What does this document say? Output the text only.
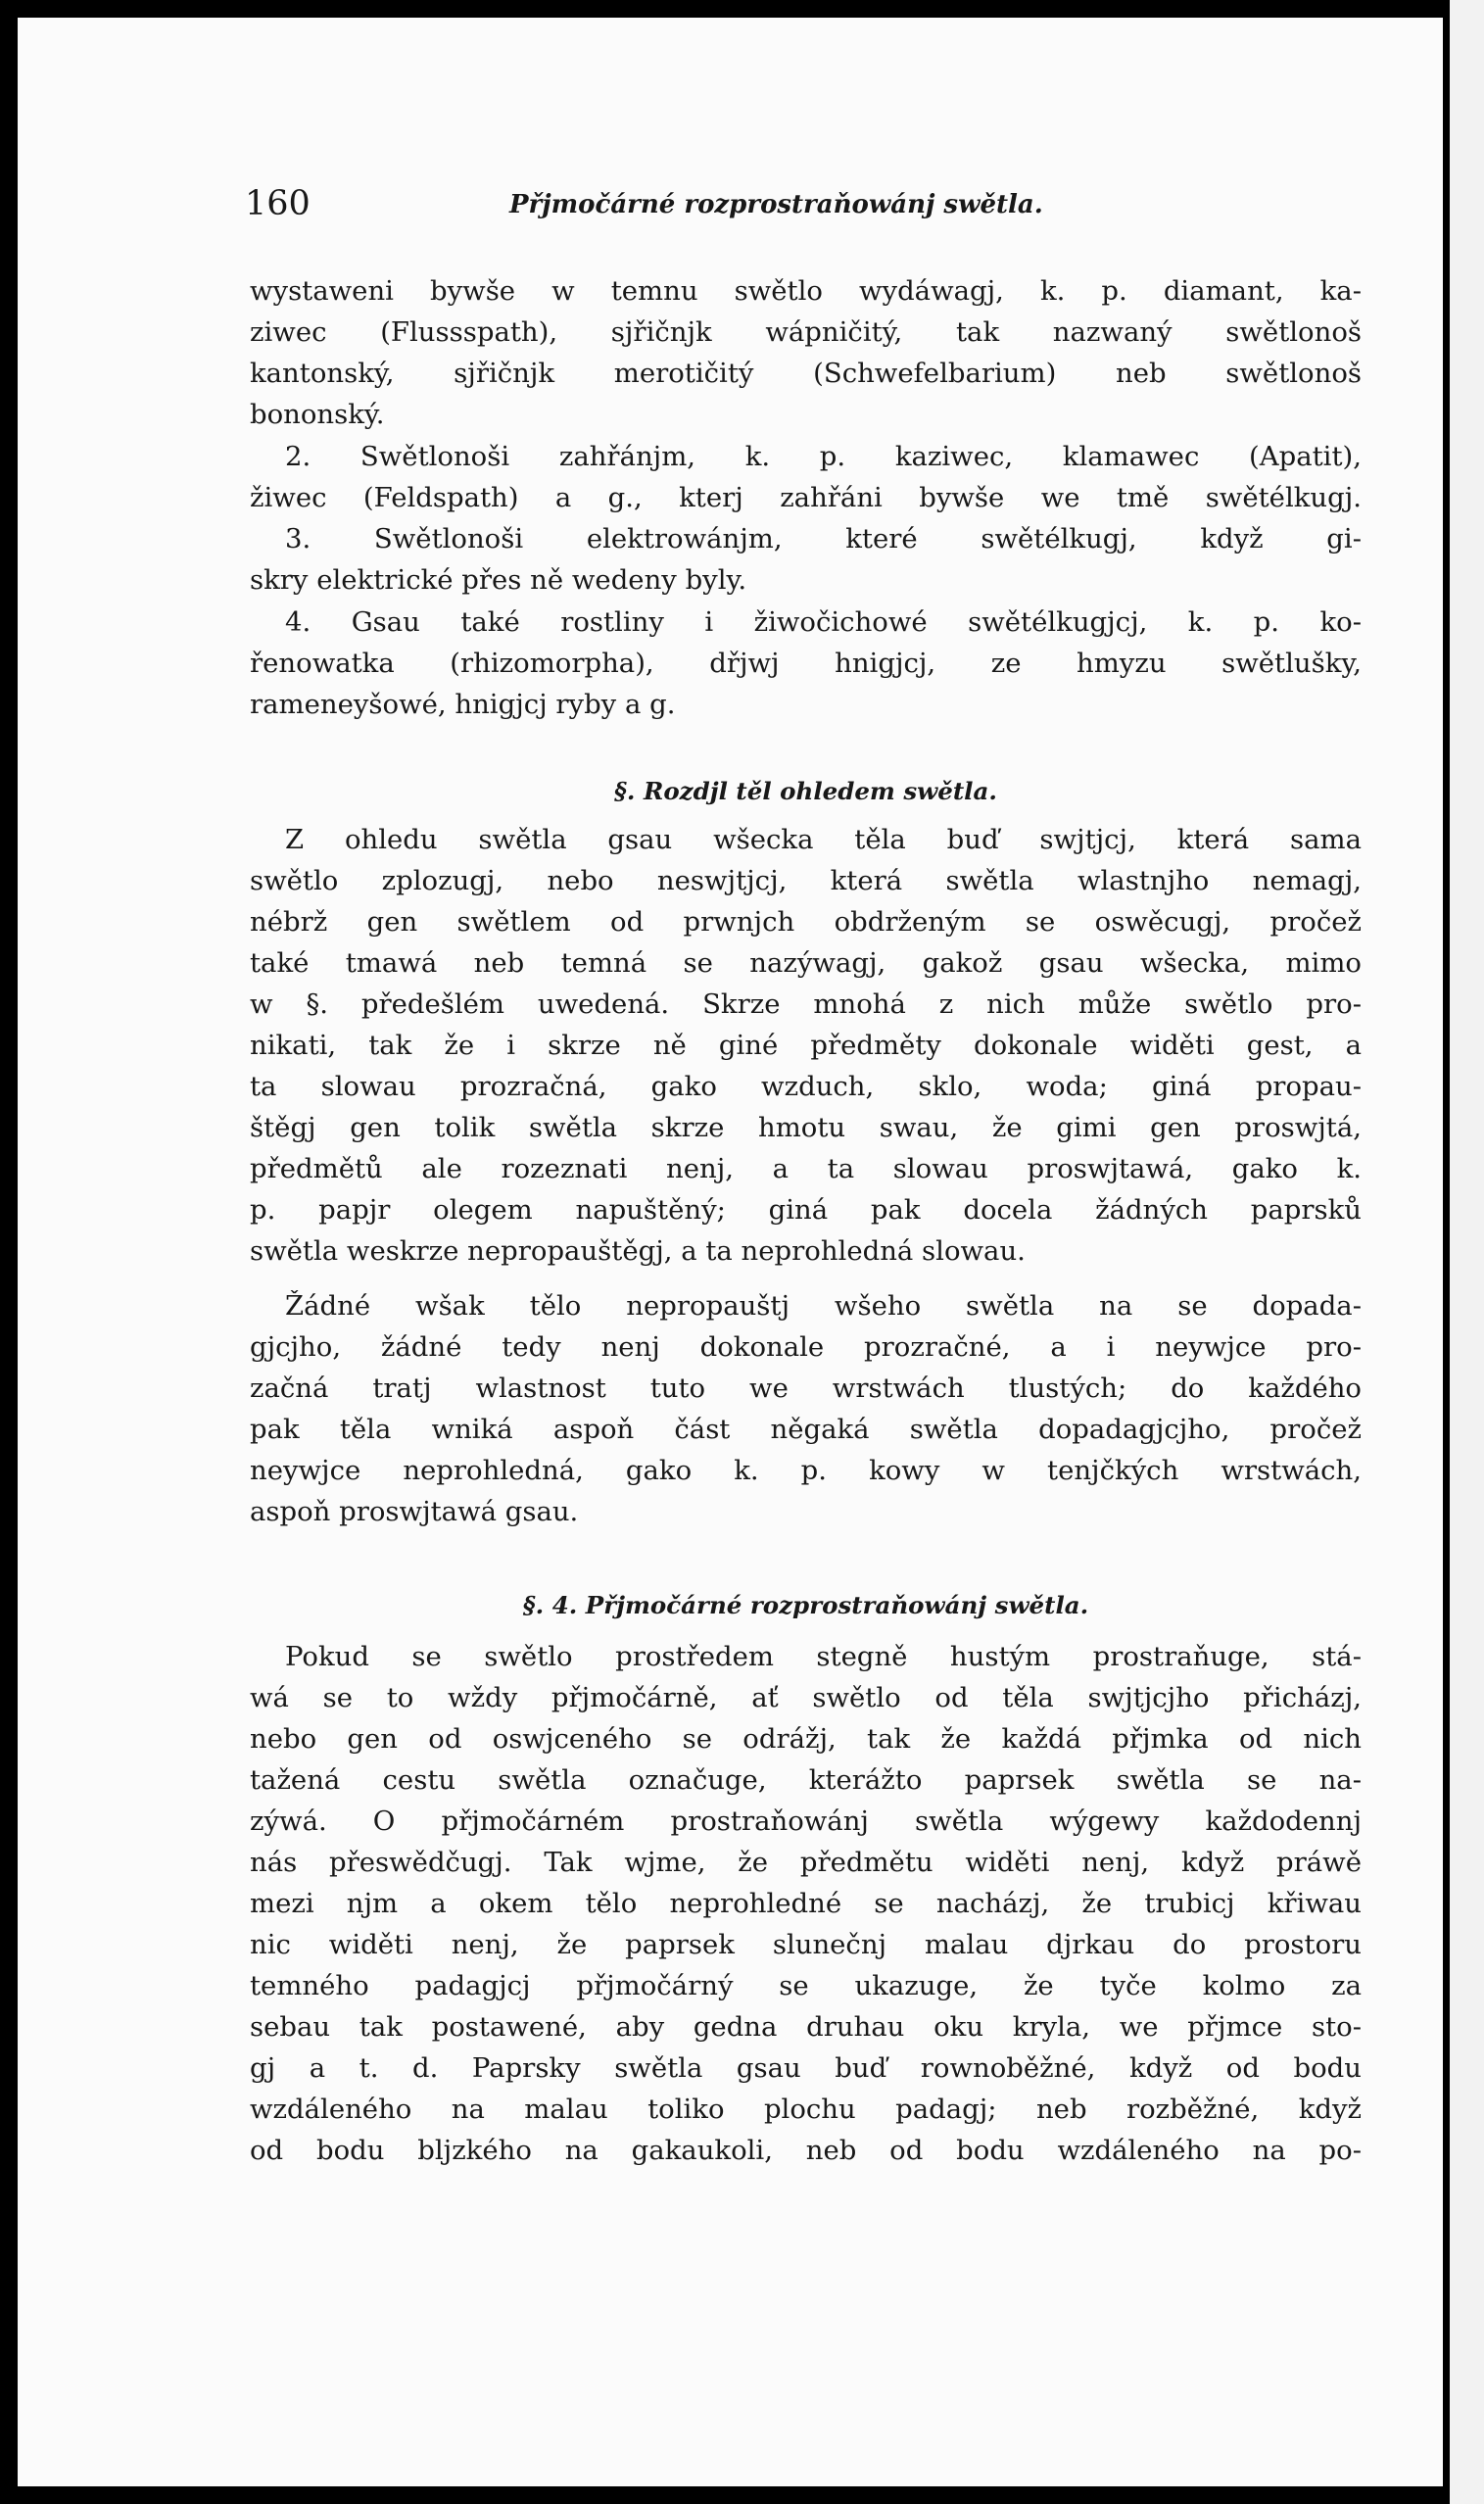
160	Přjmočárné rozprostraňowánj swětla.
wystaweni bywše w temnu swětlo wydáwagj, k. p. diamant, ka-
ziwec (Flussspath), sjřičnjk wápničitý, tak nazwaný swětlonoš
kantonský, sjřičnjk merotičitý (Schwefelbarium) neb swětlonoš
bononský.
2. Swětlonoši zahřánjm, k. p. kaziwec, klamawec (Apatit),
žiwec (Feldspath) a g., kterj zahřáni bywše we tmě swětélkugj.
3. Swětlonoši elektrowánjm, které swětélkugj, když gi-
skry elektrické přes ně wedeny byly.
4. Gsau také rostliny i žiwočichowé swětélkugjcj, k. p. ko-
řenowatka (rhizomorpha), dřjwj hnigjcj, ze hmyzu swětlušky,
rameneyšowé, hnigjcj ryby a g.
§. Rozdjl těl ohledem swětla.
Z ohledu swětla gsau wšecka těla buď swjtjcj, která sama
swětlo zplozugj, nebo neswjtjcj, která swětla wlastnjho nemagj,
nébrž gen swětlem od prwnjch obdrženým se oswěcugj, pročež
také tmawá neb temná se nazýwagj, gakož gsau wšecka, mimo
w §. předešlém uwedená. Skrze mnohá z nich může swětlo pro-
nikati, tak že i skrze ně giné předměty dokonale widěti gest, a
ta slowau prozračná, gako wzduch, sklo, woda; giná propau-
štěgj gen tolik swětla skrze hmotu swau, že gimi gen proswjtá,
předmětů ale rozeznati nenj, a ta slowau proswjtawá, gako k.
p. papjr olegem napuštěný; giná pak docela žádných paprsků
swětla weskrze nepropauštěgj, a ta neprohledná slowau.
Žádné wšak tělo nepropauštj wšeho swětla na se dopada-
gjcjho, žádné tedy nenj dokonale prozračné, a i neywjce pro-
začná tratj wlastnost tuto we wrstwách tlustých; do každého
pak těla wniká aspoň část něgaká swětla dopadagjcjho, pročež
neywjce neprohledná, gako k. p. kowy w tenjčkých wrstwách,
aspoň proswjtawá gsau.
§. 4. Přjmočárné rozprostraňowánj swětla.
Pokud se swětlo prostředem stegně hustým prostraňuge, stá-
wá se to wždy přjmočárně, ať swětlo od těla swjtjcjho přicházj,
nebo gen od oswjceného se odrážj, tak že každá přjmka od nich
tažená cestu swětla označuge, kterážto paprsek swětla se na-
zýwá. O přjmočárném prostraňowánj swětla wýgewy každodennj
nás přeswědčugj. Tak wjme, že předmětu widěti nenj, když práwě
mezi njm a okem tělo neprohledné se nacházj, že trubicj křiwau
nic widěti nenj, že paprsek slunečnj malau djrkau do prostoru
temného padagjcj přjmočárný se ukazuge, že tyče kolmo za
sebau tak postawené, aby gedna druhau oku kryla, we přjmce sto-
gj a t. d. Paprsky swětla gsau buď rownoběžné, když od bodu
wzdáleného na malau toliko plochu padagj; neb rozběžné, když
od bodu bljzkého na gakaukoli, neb od bodu wzdáleného na po-
